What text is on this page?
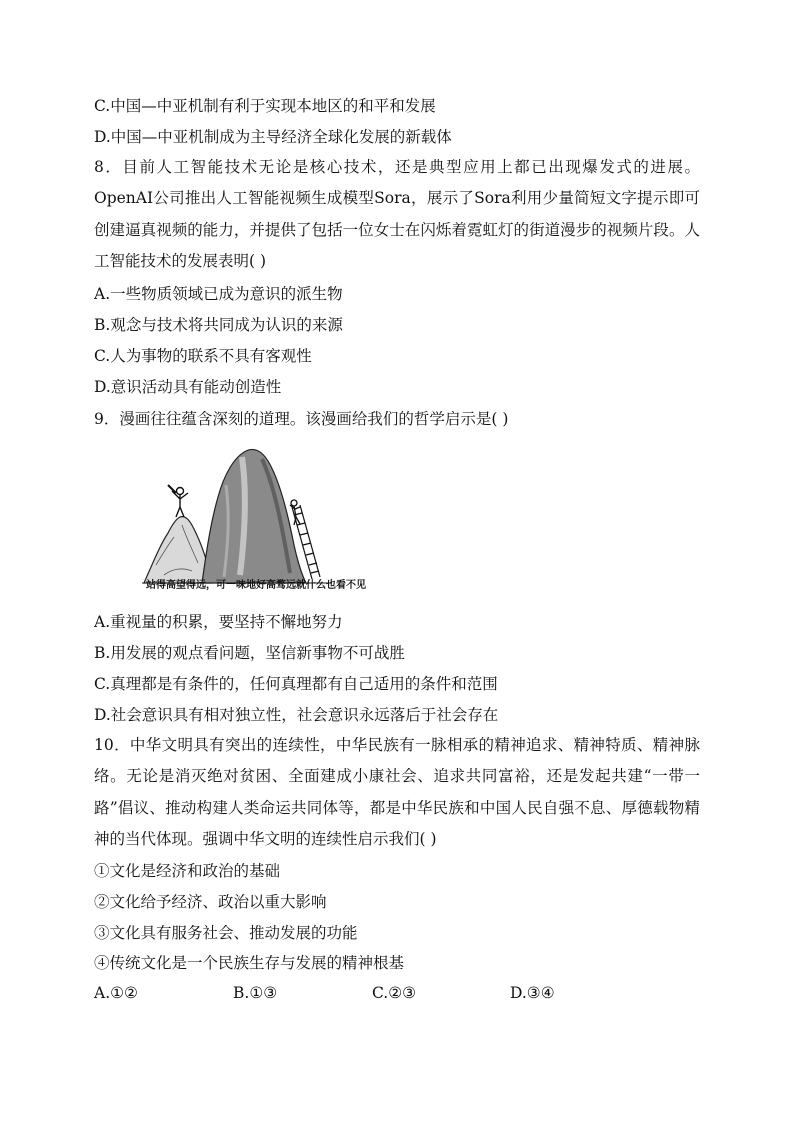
C.中国—中亚机制有利于实现本地区的和平和发展
D.中国—中亚机制成为主导经济全球化发展的新载体
8．目前人工智能技术无论是核心技术，还是典型应用上都已出现爆发式的进展。OpenAI公司推出人工智能视频生成模型Sora，展示了Sora利用少量简短文字提示即可创建逼真视频的能力，并提供了包括一位女士在闪烁着霓虹灯的街道漫步的视频片段。人工智能技术的发展表明( )
A.一些物质领域已成为意识的派生物
B.观念与技术将共同成为认识的来源
C.人为事物的联系不具有客观性
D.意识活动具有能动创造性
9．漫画往往蕴含深刻的道理。该漫画给我们的哲学启示是( )
站得高望得远，可一味地好高骛远就什么也看不见
A.重视量的积累，要坚持不懈地努力
B.用发展的观点看问题，坚信新事物不可战胜
C.真理都是有条件的，任何真理都有自己适用的条件和范围
D.社会意识具有相对独立性，社会意识永远落后于社会存在
10．中华文明具有突出的连续性，中华民族有一脉相承的精神追求、精神特质、精神脉络。无论是消灭绝对贫困、全面建成小康社会、追求共同富裕，还是发起共建“一带一路”倡议、推动构建人类命运共同体等，都是中华民族和中国人民自强不息、厚德载物精神的当代体现。强调中华文明的连续性启示我们( )
①文化是经济和政治的基础
②文化给予经济、政治以重大影响
③文化具有服务社会、推动发展的功能
④传统文化是一个民族生存与发展的精神根基
A.①②	B.①③	C.②③	D.③④
